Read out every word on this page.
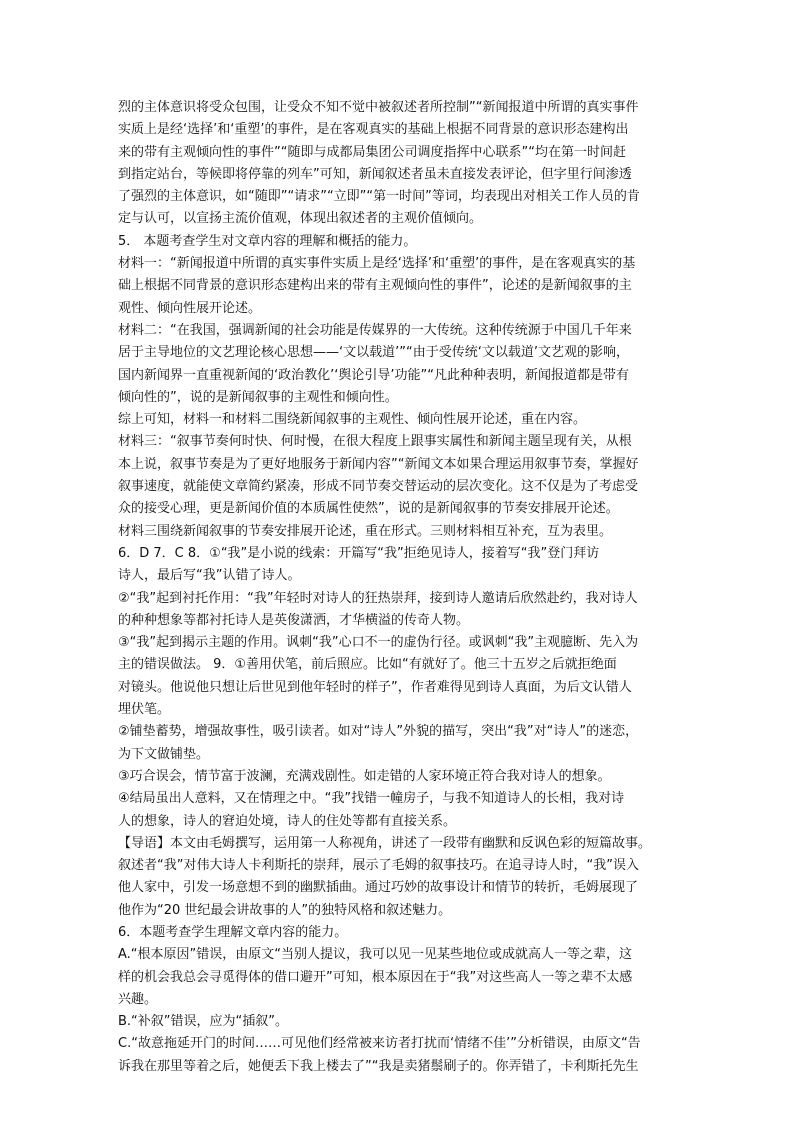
烈的主体意识将受众包围，让受众不知不觉中被叙述者所控制”“新闻报道中所谓的真实事件
实质上是经‘选择’和‘重塑’的事件，是在客观真实的基础上根据不同背景的意识形态建构出
来的带有主观倾向性的事件”“随即与成都局集团公司调度指挥中心联系”“均在第一时间赶
到指定站台，等候即将停靠的列车”可知，新闻叙述者虽未直接发表评论，但字里行间渗透
了强烈的主体意识，如“随即”“请求”“立即”“第一时间”等词，均表现出对相关工作人员的肯
定与认可，以宣扬主流价值观，体现出叙述者的主观价值倾向。
5． 本题考查学生对文章内容的理解和概括的能力。
材料一：“新闻报道中所谓的真实事件实质上是经‘选择’和‘重塑’的事件，是在客观真实的基
础上根据不同背景的意识形态建构出来的带有主观倾向性的事件”，论述的是新闻叙事的主
观性、倾向性展开论述。
材料二：“在我国，强调新闻的社会功能是传媒界的一大传统。这种传统源于中国几千年来
居于主导地位的文艺理论核心思想——‘文以载道’”“由于受传统‘文以载道’文艺观的影响，
国内新闻界一直重视新闻的‘政治教化’‘舆论引导’功能”“凡此种种表明，新闻报道都是带有
倾向性的”，说的是新闻叙事的主观性和倾向性。
综上可知，材料一和材料二围绕新闻叙事的主观性、倾向性展开论述，重在内容。
材料三：“叙事节奏何时快、何时慢，在很大程度上跟事实属性和新闻主题呈现有关，从根
本上说，叙事节奏是为了更好地服务于新闻内容”“新闻文本如果合理运用叙事节奏，掌握好
叙事速度，就能使文章简约紧凑，形成不同节奏交替运动的层次变化。这不仅是为了考虑受
众的接受心理，更是新闻价值的本质属性使然”，说的是新闻叙事的节奏安排展开论述。
材料三围绕新闻叙事的节奏安排展开论述，重在形式。三则材料相互补充，互为表里。
6．D 7．C 8．①“我”是小说的线索：开篇写“我”拒绝见诗人，接着写“我”登门拜访
诗人，最后写“我”认错了诗人。
②“我”起到衬托作用：“我”年轻时对诗人的狂热崇拜，接到诗人邀请后欣然赴约，我对诗人
的种种想象等都衬托诗人是英俊潇洒，才华横溢的传奇人物。
③“我”起到揭示主题的作用。讽刺“我”心口不一的虚伪行径。或讽刺“我”主观臆断、先入为
主的错误做法。 9．①善用伏笔，前后照应。比如“有就好了。他三十五岁之后就拒绝面
对镜头。他说他只想让后世见到他年轻时的样子”，作者难得见到诗人真面，为后文认错人
埋伏笔。
②铺垫蓄势，增强故事性，吸引读者。如对“诗人”外貌的描写，突出“我”对“诗人”的迷恋，
为下文做铺垫。
③巧合误会，情节富于波澜，充满戏剧性。如走错的人家环境正符合我对诗人的想象。
④结局虽出人意料，又在情理之中。“我”找错一幢房子，与我不知道诗人的长相，我对诗
人的想象，诗人的窘迫处境，诗人的住处等都有直接关系。
【导语】本文由毛姆撰写，运用第一人称视角，讲述了一段带有幽默和反讽色彩的短篇故事。
叙述者“我”对伟大诗人卡利斯托的崇拜，展示了毛姆的叙事技巧。在追寻诗人时，“我”误入
他人家中，引发一场意想不到的幽默插曲。通过巧妙的故事设计和情节的转折，毛姆展现了
他作为“20 世纪最会讲故事的人”的独特风格和叙述魅力。
6．本题考查学生理解文章内容的能力。
A.“根本原因”错误，由原文“当别人提议，我可以见一见某些地位或成就高人一等之辈，这
样的机会我总会寻觅得体的借口避开”可知，根本原因在于“我”对这些高人一等之辈不太感
兴趣。
B.“补叙”错误，应为“插叙”。
C.“故意拖延开门的时间……可见他们经常被来访者打扰而‘情绪不佳’”分析错误，由原文“告
诉我在那里等着之后，她便丢下我上楼去了”“我是卖猪鬃刷子的。你弄错了，卡利斯托先生
